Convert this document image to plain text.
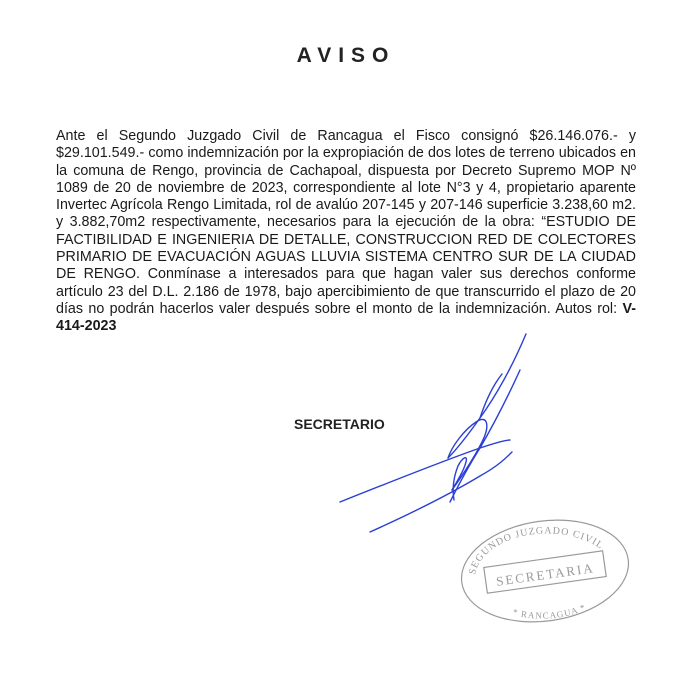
AVISO
Ante el Segundo Juzgado Civil de Rancagua el Fisco consignó $26.146.076.- y $29.101.549.- como indemnización por la expropiación de dos lotes de terreno ubicados en la comuna de Rengo, provincia de Cachapoal, dispuesta por Decreto Supremo MOP Nº 1089 de 20 de noviembre de 2023, correspondiente al lote N°3 y 4, propietario aparente Invertec Agrícola Rengo Limitada, rol de avalúo 207-145 y 207-146 superficie 3.238,60 m2. y 3.882,70m2 respectivamente, necesarios para la ejecución de la obra: “ESTUDIO DE FACTIBILIDAD E INGENIERIA DE DETALLE, CONSTRUCCION RED DE COLECTORES PRIMARIO DE EVACUACIÓN AGUAS LLUVIA SISTEMA CENTRO SUR DE LA CIUDAD DE RENGO. Conmínase a interesados para que hagan valer sus derechos conforme artículo 23 del D.L. 2.186 de 1978, bajo apercibimiento de que transcurrido el plazo de 20 días no podrán hacerlos valer después sobre el monto de la indemnización. Autos rol: V-414-2023
SECRETARIO
SEGUNDO JUZGADO CIVIL
SECRETARIA
* RANCAGUA *
